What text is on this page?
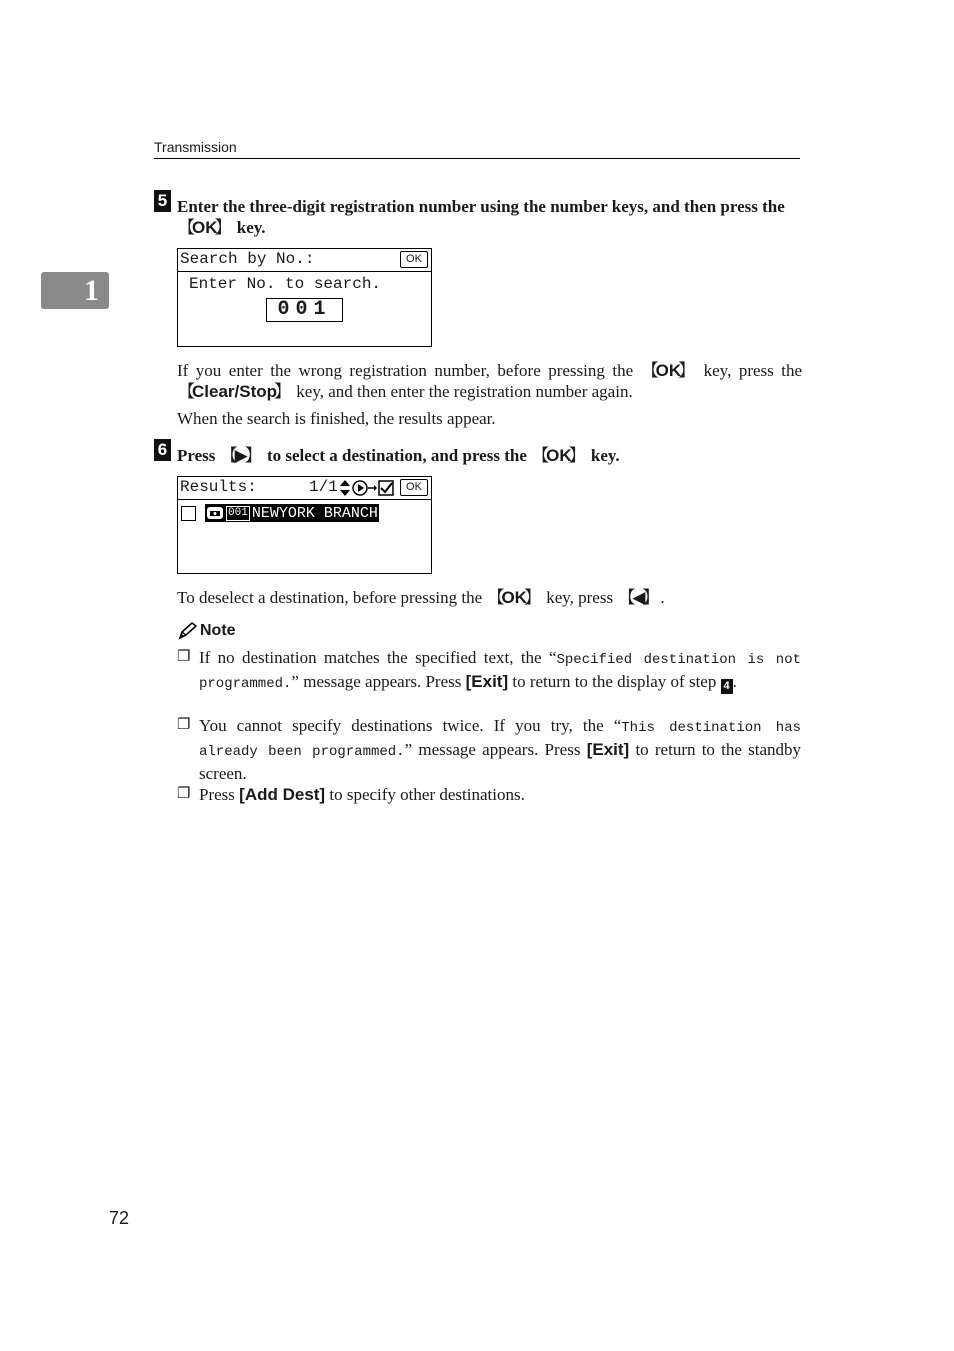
Transmission
1
5 Enter the three-digit registration number using the number keys, and then press the 【 OK 】 key.
Search by No.:	OK
Enter No. to search.
001
If you enter the wrong registration number, before pressing the 【 OK 】 key, press the 【 Clear/Stop 】 key, and then enter the registration number again.
When the search is finished, the results appear.
6 Press 【 ▶ 】 to select a destination, and press the 【 OK 】 key.
Results:	1/1	OK
001 NEWYORK BRANCH
To deselect a destination, before pressing the 【 OK 】 key, press 【 ◀ 】 .
Note
❐ If no destination matches the specified text, the “Specified destination is not programmed.” message appears. Press [Exit] to return to the display of step 4 .
❐ You cannot specify destinations twice. If you try, the “This destination has already been programmed.” message appears. Press [Exit] to return to the standby screen.
❐ Press [Add Dest] to specify other destinations.
72
